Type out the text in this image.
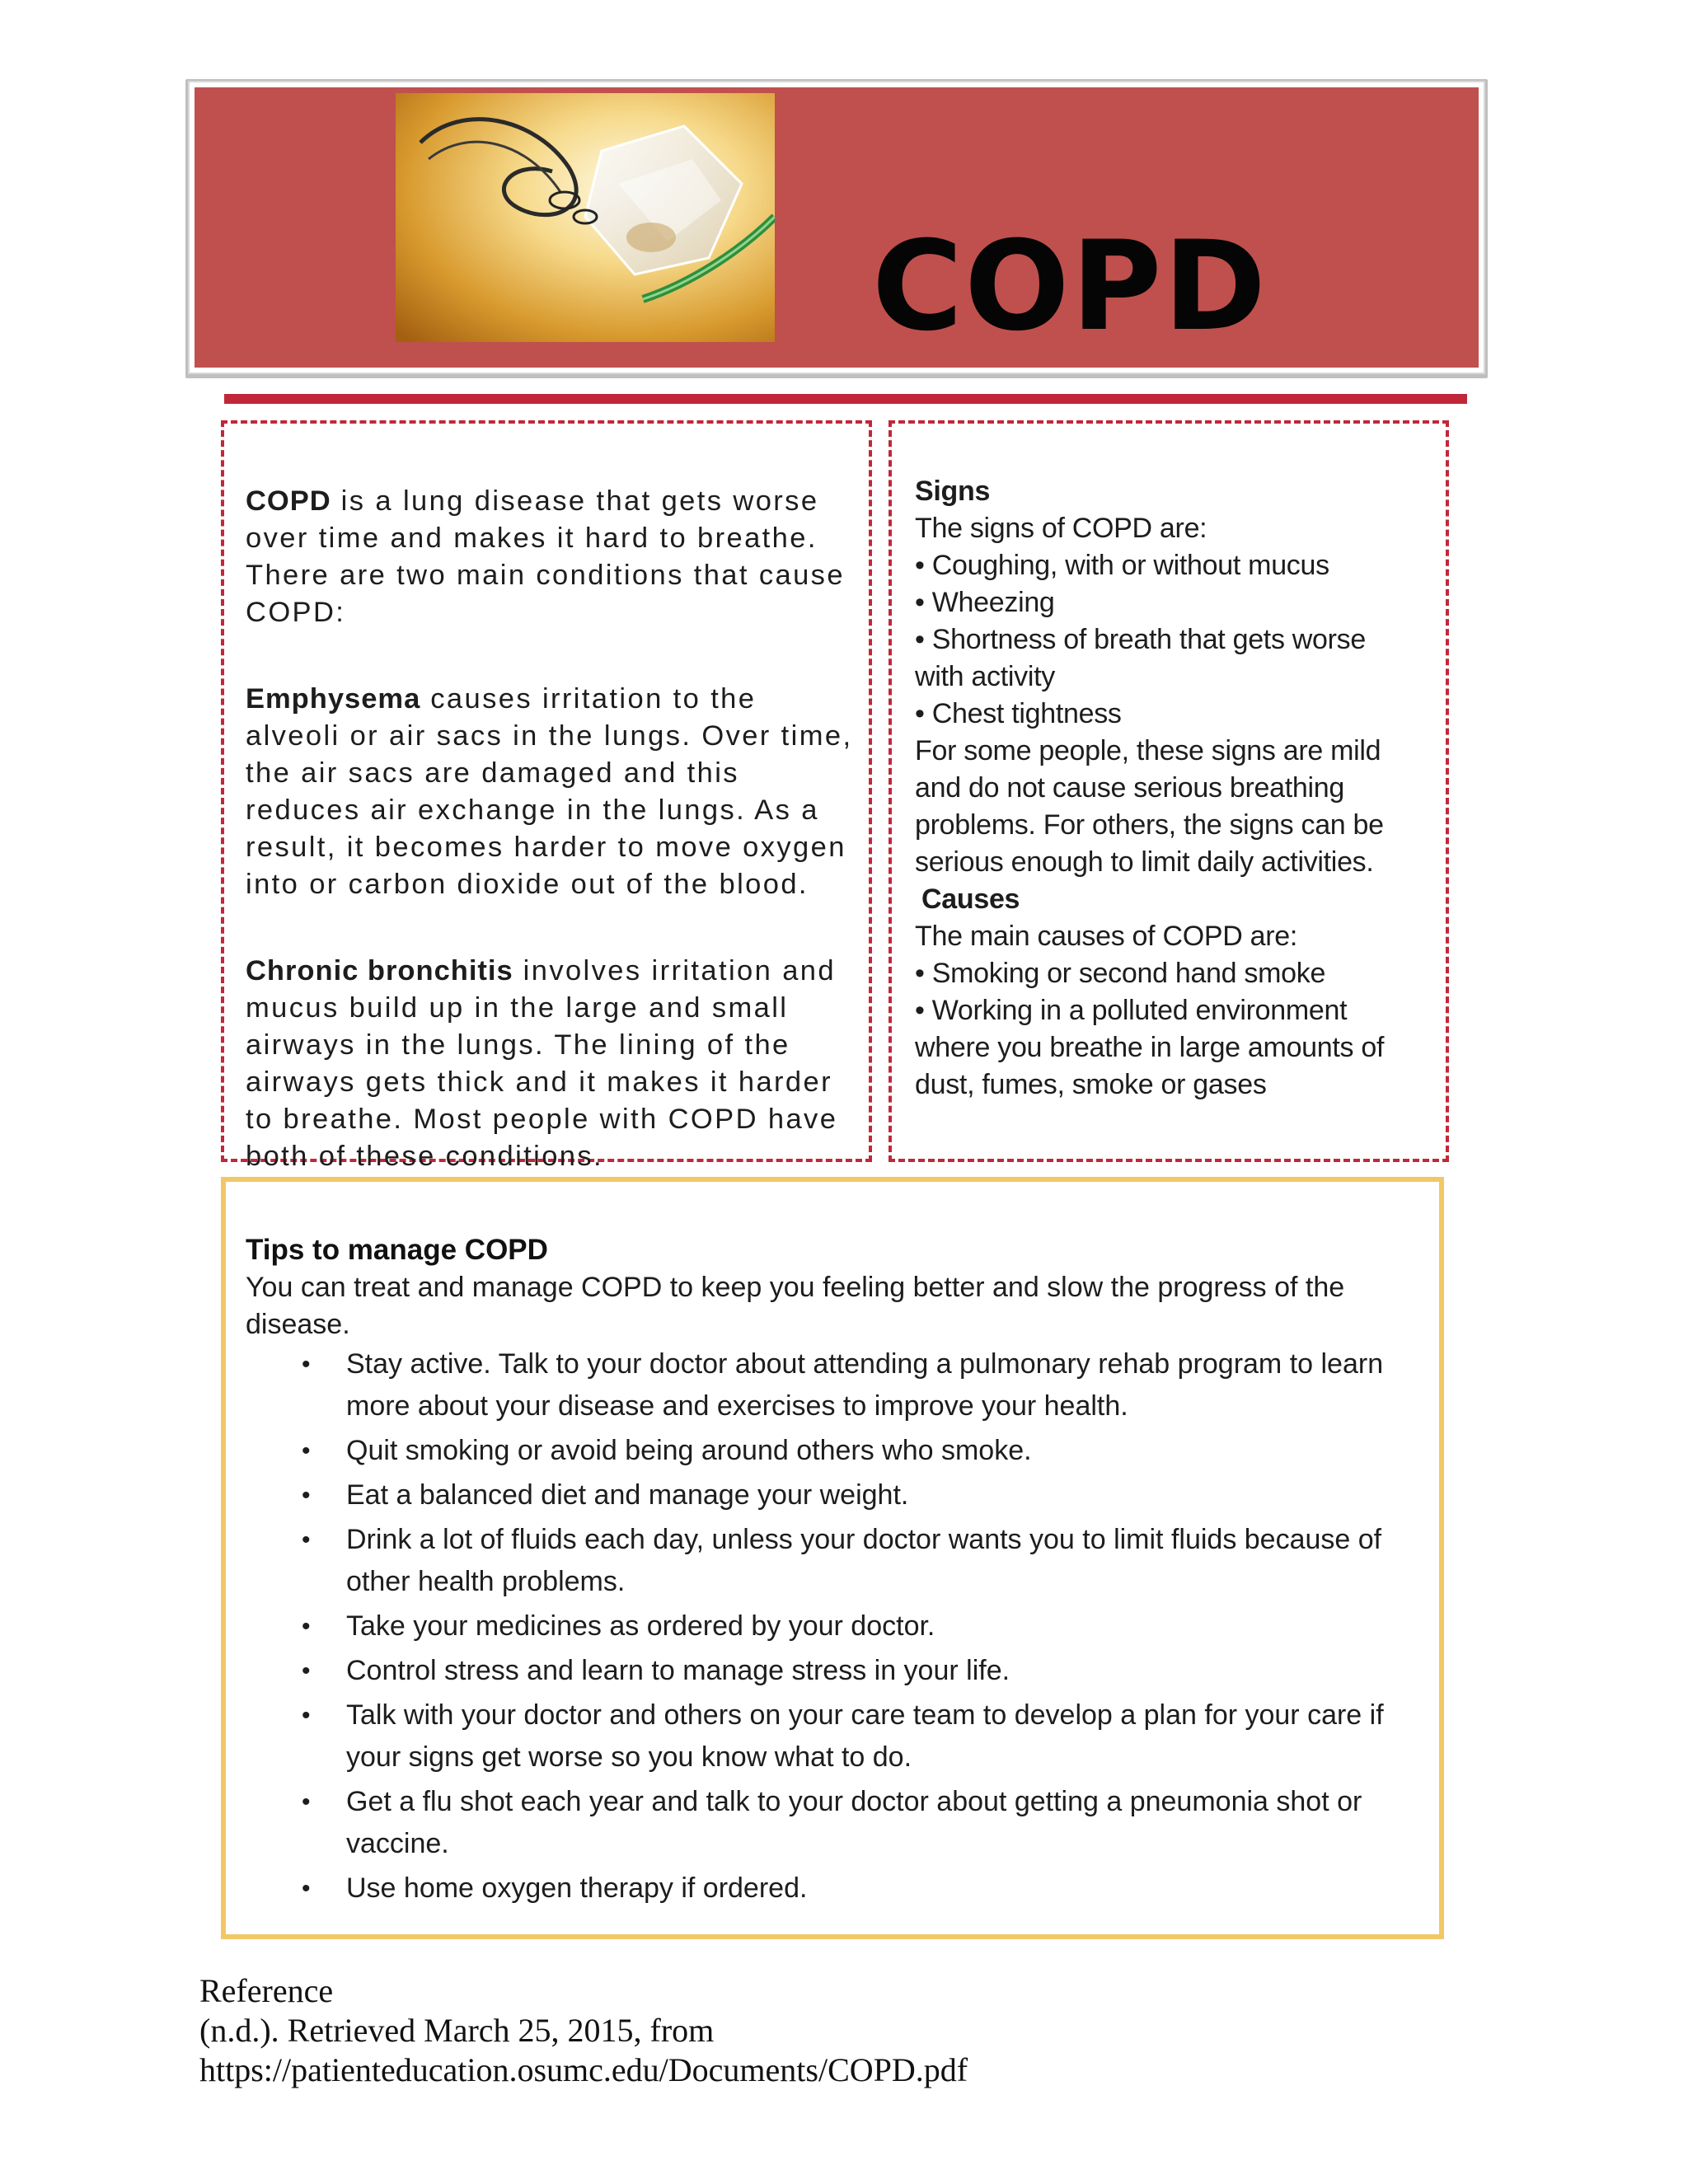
COPD

COPD is a lung disease that gets worse over time and makes it hard to breathe. There are two main conditions that cause COPD:

Emphysema causes irritation to the alveoli or air sacs in the lungs. Over time, the air sacs are damaged and this reduces air exchange in the lungs. As a result, it becomes harder to move oxygen into or carbon dioxide out of the blood.

Chronic bronchitis involves irritation and mucus build up in the large and small airways in the lungs. The lining of the airways gets thick and it makes it harder to breathe. Most people with COPD have both of these conditions.

Signs
The signs of COPD are:
• Coughing, with or without mucus
• Wheezing
• Shortness of breath that gets worse
with activity
• Chest tightness
For some people, these signs are mild
and do not cause serious breathing
problems. For others, the signs can be
serious enough to limit daily activities.
Causes
The main causes of COPD are:
• Smoking or second hand smoke
• Working in a polluted environment
where you breathe in large amounts of
dust, fumes, smoke or gases
Tips to manage COPD
You can treat and manage COPD to keep you feeling better and slow the progress of the disease.
• Stay active. Talk to your doctor about attending a pulmonary rehab program to learn more about your disease and exercises to improve your health.
• Quit smoking or avoid being around others who smoke.
• Eat a balanced diet and manage your weight.
• Drink a lot of fluids each day, unless your doctor wants you to limit fluids because of other health problems.
• Take your medicines as ordered by your doctor.
• Control stress and learn to manage stress in your life.
• Talk with your doctor and others on your care team to develop a plan for your care if your signs get worse so you know what to do.
• Get a flu shot each year and talk to your doctor about getting a pneumonia shot or vaccine.
• Use home oxygen therapy if ordered.
Reference
(n.d.). Retrieved March 25, 2015, from
https://patienteducation.osumc.edu/Documents/COPD.pdf
